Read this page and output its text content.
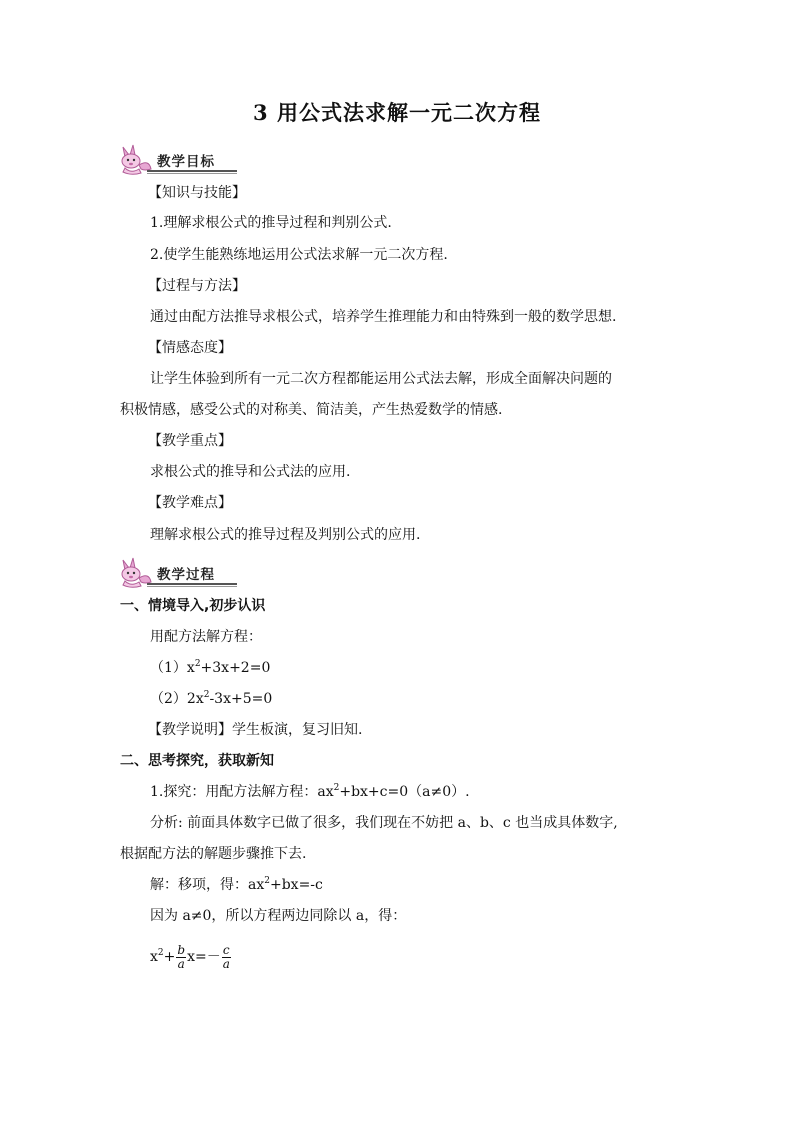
3 用公式法求解一元二次方程
教学目标
【知识与技能】
1.理解求根公式的推导过程和判别公式.
2.使学生能熟练地运用公式法求解一元二次方程.
【过程与方法】
通过由配方法推导求根公式，培养学生推理能力和由特殊到一般的数学思想.
【情感态度】
让学生体验到所有一元二次方程都能运用公式法去解，形成全面解决问题的
积极情感，感受公式的对称美、简洁美，产生热爱数学的情感.
【教学重点】
求根公式的推导和公式法的应用.
【教学难点】
理解求根公式的推导过程及判别公式的应用.
教学过程
一、情境导入,初步认识
用配方法解方程：
$(1)x^2+3x+2=0$
$(2)2x^2-3x+5=0$
【教学说明】学生板演，复习旧知.
二、思考探究，获取新知
1.探究：用配方法解方程：$ax^2+bx+c=0(a\ne 0)$.
分析: 前面具体数字已做了很多，我们现在不妨把 a、b、c 也当成具体数字,
根据配方法的解题步骤推下去.
解：移项，得：$ax^2+bx=-c$
因为 a≠0，所以方程两边同除以 a，得：
$x^2+ \frac{b}{a} x=- \frac{c}{a}$
